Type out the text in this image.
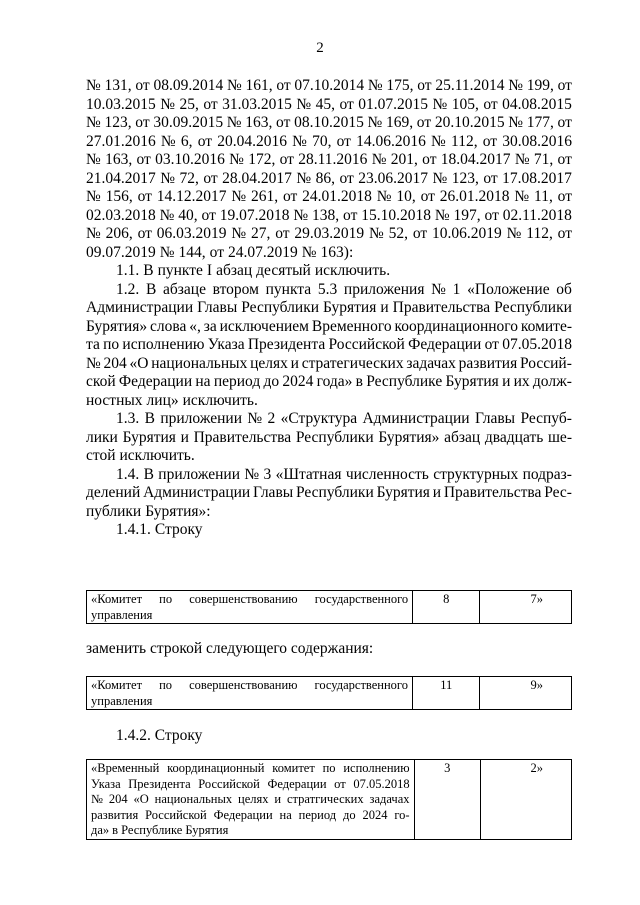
2
№ 131, от 08.09.2014 № 161, от 07.10.2014 № 175, от 25.11.2014 № 199, от
10.03.2015 № 25, от 31.03.2015 № 45, от 01.07.2015 № 105, от 04.08.2015
№ 123, от 30.09.2015 № 163, от 08.10.2015 № 169, от 20.10.2015 № 177, от
27.01.2016 № 6, от 20.04.2016 № 70, от 14.06.2016 № 112, от 30.08.2016
№ 163, от 03.10.2016 № 172, от 28.11.2016 № 201, от 18.04.2017 № 71, от
21.04.2017 № 72, от 28.04.2017 № 86, от 23.06.2017 № 123, от 17.08.2017
№ 156, от 14.12.2017 № 261, от 24.01.2018 № 10, от 26.01.2018 № 11, от
02.03.2018 № 40, от 19.07.2018 № 138, от 15.10.2018 № 197, от 02.11.2018
№ 206, от 06.03.2019 № 27, от 29.03.2019 № 52, от 10.06.2019 № 112, от
09.07.2019 № 144, от 24.07.2019 № 163):
1.1. В пункте I абзац десятый исключить.
1.2. В абзаце втором пункта 5.3 приложения № 1 «Положение об
Администрации Главы Республики Бурятия и Правительства Республики
Бурятия» слова «, за исключением Временного координационного комите-
та по исполнению Указа Президента Российской Федерации от 07.05.2018
№ 204 «О национальных целях и стратегических задачах развития Россий-
ской Федерации на период до 2024 года» в Республике Бурятия и их долж-
ностных лиц» исключить.
1.3. В приложении № 2 «Структура Администрации Главы Респуб-
лики Бурятия и Правительства Республики Бурятия» абзац двадцать ше-
стой исключить.
1.4. В приложении № 3 «Штатная численность структурных подраз-
делений Администрации Главы Республики Бурятия и Правительства Рес-
публики Бурятия»:
1.4.1. Строку
«Комитет по совершенствованию государственного
управления
	8	7»
заменить строкой следующего содержания:
«Комитет по совершенствованию государственного
управления
	11	9»
1.4.2. Строку
«Временный координационный комитет по исполнению
Указа Президента Российской Федерации от 07.05.2018
№ 204 «О национальных целях и стратгических задачах
развития Российской Федерации на период до 2024 го-
да» в Республике Бурятия
	3	2»
